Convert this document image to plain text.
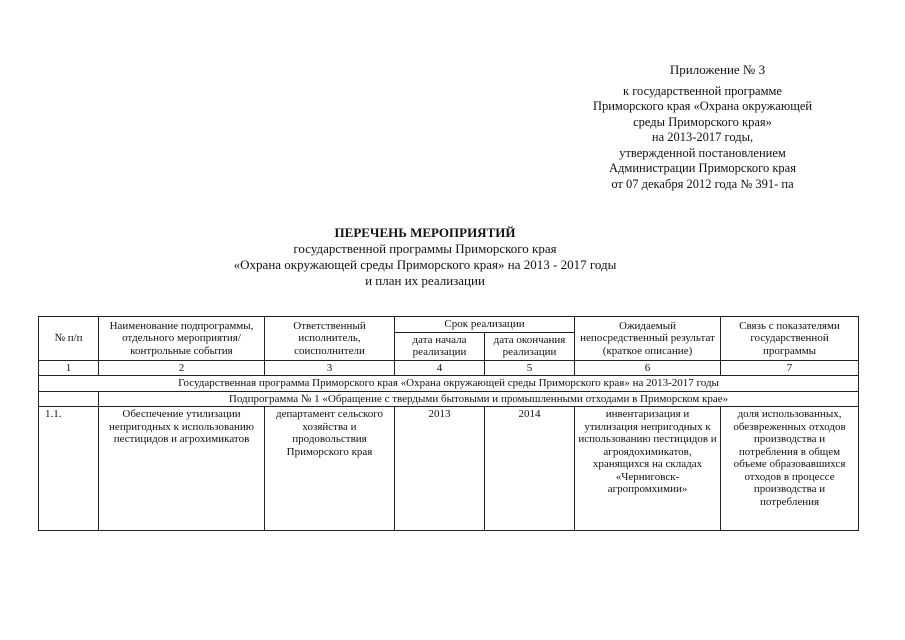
Приложение № 3
к государственной программе
Приморского края «Охрана окружающей
среды Приморского края»
на 2013-2017 годы,
утвержденной постановлением
Администрации Приморского края
от 07 декабря 2012 года № 391- па
ПЕРЕЧЕНЬ МЕРОПРИЯТИЙ
государственной программы Приморского края
«Охрана окружающей среды Приморского края» на 2013 - 2017 годы
и план их реализации
№ п/п	Наименование подпрограммы, отдельного мероприятия/контрольные события	Ответственный исполнитель, соисполнители	Срок реализации		Ожидаемый непосредственный результат (краткое описание)	Связь с показателями государственной программы
			дата начала реализации	дата окончания реализации		
1	2	3	4	5	6	7
Государственная программа Приморского края «Охрана окружающей среды Приморского края» на 2013-2017 годы						
	Подпрограмма № 1 «Обращение с твердыми бытовыми и промышленными отходами в Приморском крае»					
1.1.	Обеспечение утилизации непригодных к использованию пестицидов и агрохимикатов	департамент сельского хозяйства и продовольствия Приморского края	2013	2014	инвентаризация и утилизация непригодных к использованию пестицидов и агроядохимикатов, хранящихся на складах «Черниговск-агропромхимии»	доля использованных, обезвреженных отходов производства и потребления в общем объеме образовавшихся отходов в процессе производства и потребления
